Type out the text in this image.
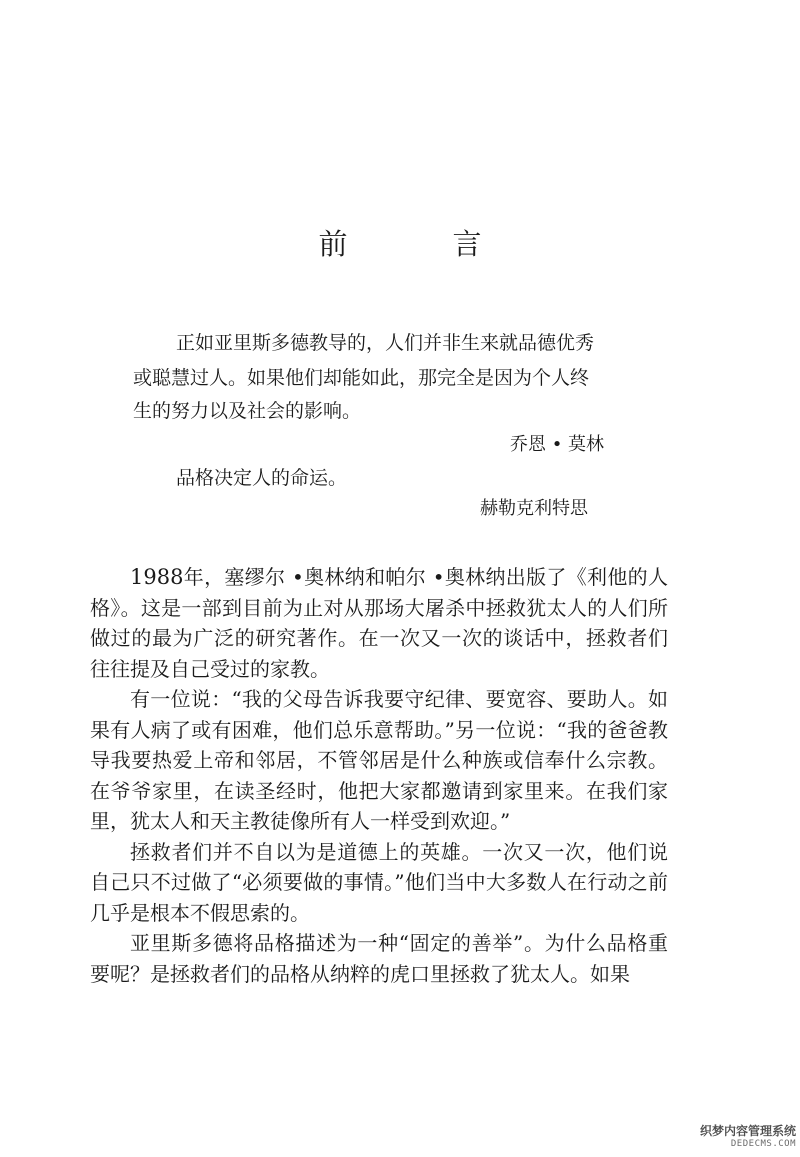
前　言
正如亚里斯多德教导的，人们并非生来就品德优秀
或聪慧过人。如果他们却能如此，那完全是因为个人终
生的努力以及社会的影响。
乔恩 • 莫林
品格决定人的命运。
赫勒克利特思

1988年，塞缪尔 •奥林纳和帕尔 •奥林纳出版了《利他的人格》。这是一部到目前为止对从那场大屠杀中拯救犹太人的人们所做过的最为广泛的研究著作。在一次又一次的谈话中，拯救者们往往提及自己受过的家教。

有一位说：“我的父母告诉我要守纪律、要宽容、要助人。如果有人病了或有困难，他们总乐意帮助。”另一位说：“我的爸爸教导我要热爱上帝和邻居，不管邻居是什么种族或信奉什么宗教。在爷爷家里，在读圣经时，他把大家都邀请到家里来。在我们家里，犹太人和天主教徒像所有人一样受到欢迎。”

拯救者们并不自以为是道德上的英雄。一次又一次，他们说自己只不过做了“必须要做的事情。”他们当中大多数人在行动之前几乎是根本不假思索的。

亚里斯多德将品格描述为一种“固定的善举”。为什么品格重要呢？是拯救者们的品格从纳粹的虎口里拯救了犹太人。如果

织梦内容管理系统
DEDECMS.COM
